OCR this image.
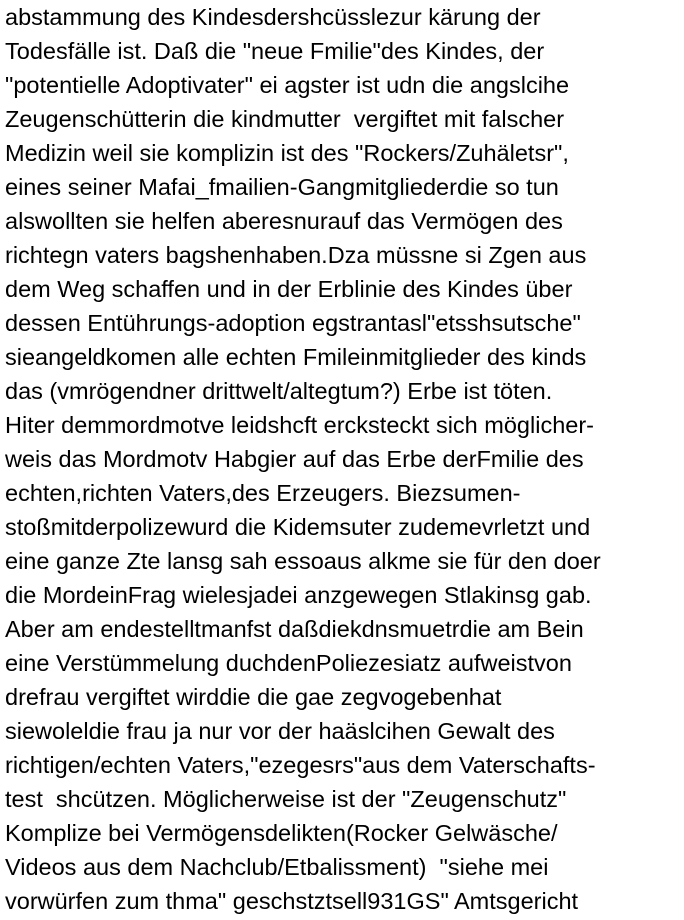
abstammung des Kindesdershcüsslezur kärung der
Todesfälle ist. Daß die "neue Fmilie"des Kindes, der
"potentielle Adoptivater" ei agster ist udn die angslcihe
Zeugenschütterin die kindmutter  vergiftet mit falscher
Medizin weil sie komplizin ist des "Rockers/Zuhäletsr",
eines seiner Mafai_fmailien-Gangmitgliederdie so tun
alswollten sie helfen aberesnurauf das Vermögen des
richtegn vaters bagshenhaben.Dza müssne si Zgen aus
dem Weg schaffen und in der Erblinie des Kindes über
dessen Entührungs-adoption egstrantasl"etsshsutsche"
sieangeldkomen alle echten Fmileinmitglieder des kinds
das (vmrögendner drittwelt/altegtum?) Erbe ist töten.
Hiter demmordmotve leidshcft ercksteckt sich möglicher-
weis das Mordmotv Habgier auf das Erbe derFmilie des
echten,richten Vaters,des Erzeugers. Biezsumen-
stoßmitderpolizewurd die Kidemsuter zudemevrletzt und
eine ganze Zte lansg sah essoaus alkme sie für den doer
die MordeinFrag wielesjadei anzgewegen Stlakinsg gab.
Aber am endestelltmanfst daßdiekdnsmuetrdie am Bein
eine Verstümmelung duchdenPoliezesiatz aufweistvon
drefrau vergiftet wirddie die gae zegvogebenhat
siewoleldie frau ja nur vor der haäslcihen Gewalt des
richtigen/echten Vaters,"ezegesrs"aus dem Vaterschafts-
test  shcützen. Möglicherweise ist der "Zeugenschutz"
Komplize bei Vermögensdelikten(Rocker Gelwäsche/
Videos aus dem Nachclub/Etbalissment)  "siehe mei
vorwürfen zum thma" geschstztsell931GS" Amtsgericht
